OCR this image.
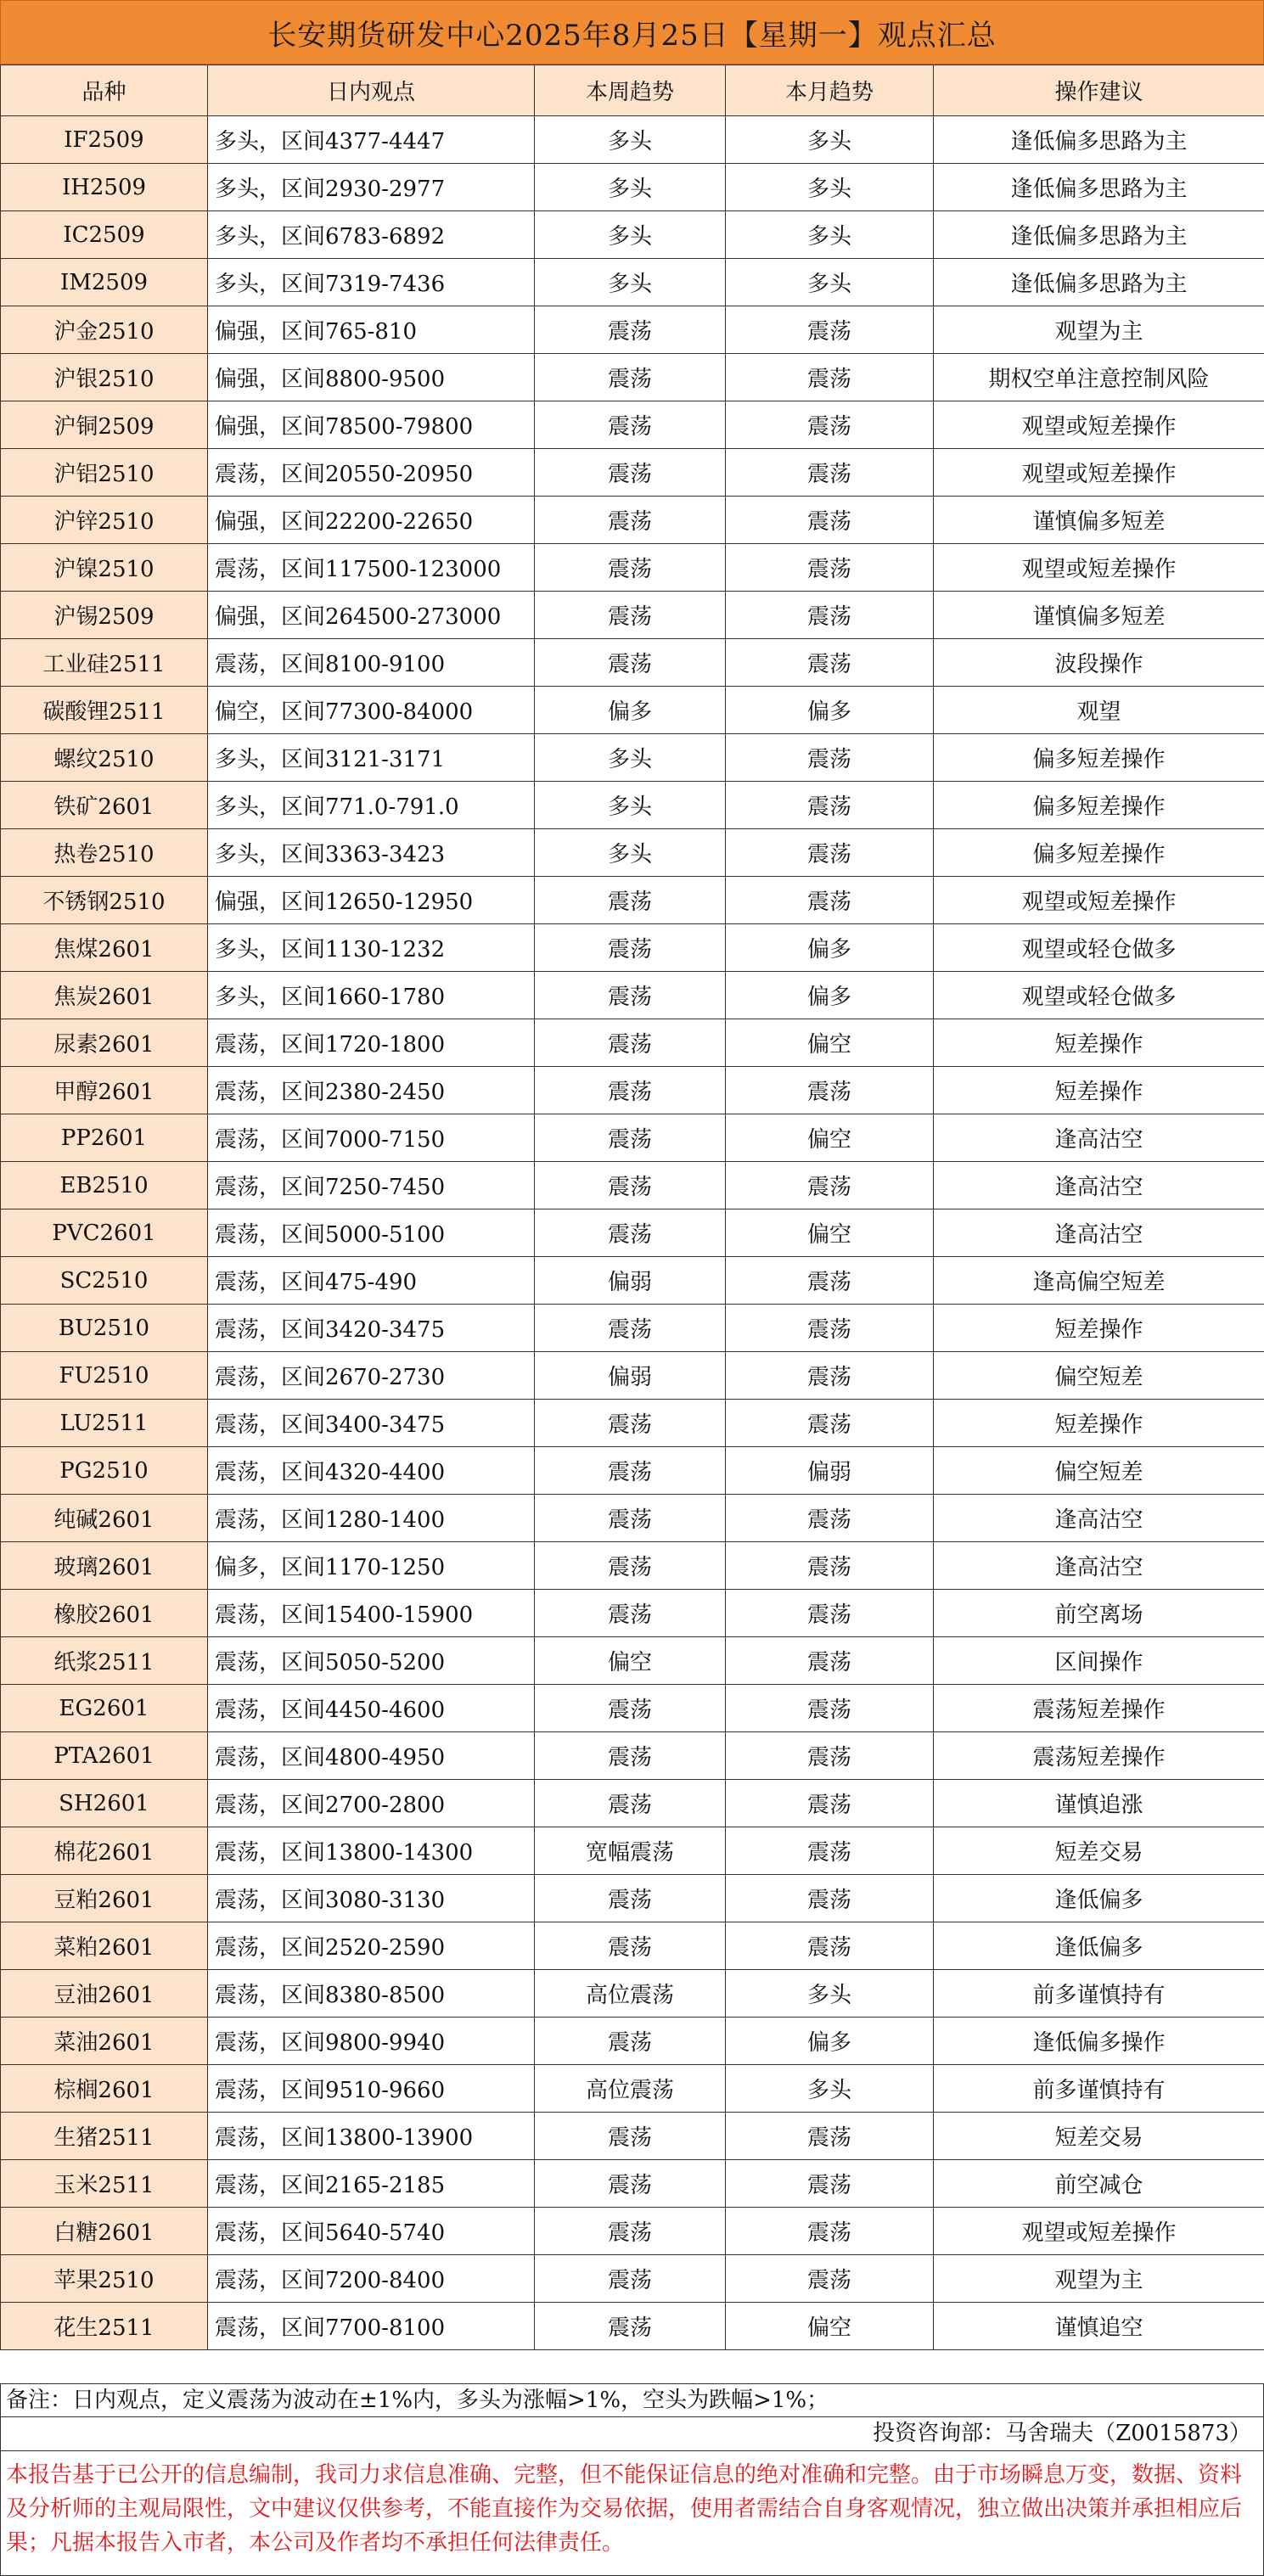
长安期货研发中心2025年8月25日【星期一】观点汇总
品种	日内观点	本周趋势	本月趋势	操作建议
IF2509	多头，区间4377-4447	多头	多头	逢低偏多思路为主
IH2509	多头，区间2930-2977	多头	多头	逢低偏多思路为主
IC2509	多头，区间6783-6892	多头	多头	逢低偏多思路为主
IM2509	多头，区间7319-7436	多头	多头	逢低偏多思路为主
沪金2510	偏强，区间765-810	震荡	震荡	观望为主
沪银2510	偏强，区间8800-9500	震荡	震荡	期权空单注意控制风险
沪铜2509	偏强，区间78500-79800	震荡	震荡	观望或短差操作
沪铝2510	震荡，区间20550-20950	震荡	震荡	观望或短差操作
沪锌2510	偏强，区间22200-22650	震荡	震荡	谨慎偏多短差
沪镍2510	震荡，区间117500-123000	震荡	震荡	观望或短差操作
沪锡2509	偏强，区间264500-273000	震荡	震荡	谨慎偏多短差
工业硅2511	震荡，区间8100-9100	震荡	震荡	波段操作
碳酸锂2511	偏空，区间77300-84000	偏多	偏多	观望
螺纹2510	多头，区间3121-3171	多头	震荡	偏多短差操作
铁矿2601	多头，区间771.0-791.0	多头	震荡	偏多短差操作
热卷2510	多头，区间3363-3423	多头	震荡	偏多短差操作
不锈钢2510	偏强，区间12650-12950	震荡	震荡	观望或短差操作
焦煤2601	多头，区间1130-1232	震荡	偏多	观望或轻仓做多
焦炭2601	多头，区间1660-1780	震荡	偏多	观望或轻仓做多
尿素2601	震荡，区间1720-1800	震荡	偏空	短差操作
甲醇2601	震荡，区间2380-2450	震荡	震荡	短差操作
PP2601	震荡，区间7000-7150	震荡	偏空	逢高沽空
EB2510	震荡，区间7250-7450	震荡	震荡	逢高沽空
PVC2601	震荡，区间5000-5100	震荡	偏空	逢高沽空
SC2510	震荡，区间475-490	偏弱	震荡	逢高偏空短差
BU2510	震荡，区间3420-3475	震荡	震荡	短差操作
FU2510	震荡，区间2670-2730	偏弱	震荡	偏空短差
LU2511	震荡，区间3400-3475	震荡	震荡	短差操作
PG2510	震荡，区间4320-4400	震荡	偏弱	偏空短差
纯碱2601	震荡，区间1280-1400	震荡	震荡	逢高沽空
玻璃2601	偏多，区间1170-1250	震荡	震荡	逢高沽空
橡胶2601	震荡，区间15400-15900	震荡	震荡	前空离场
纸浆2511	震荡，区间5050-5200	偏空	震荡	区间操作
EG2601	震荡，区间4450-4600	震荡	震荡	震荡短差操作
PTA2601	震荡，区间4800-4950	震荡	震荡	震荡短差操作
SH2601	震荡，区间2700-2800	震荡	震荡	谨慎追涨
棉花2601	震荡，区间13800-14300	宽幅震荡	震荡	短差交易
豆粕2601	震荡，区间3080-3130	震荡	震荡	逢低偏多
菜粕2601	震荡，区间2520-2590	震荡	震荡	逢低偏多
豆油2601	震荡，区间8380-8500	高位震荡	多头	前多谨慎持有
菜油2601	震荡，区间9800-9940	震荡	偏多	逢低偏多操作
棕榈2601	震荡，区间9510-9660	高位震荡	多头	前多谨慎持有
生猪2511	震荡，区间13800-13900	震荡	震荡	短差交易
玉米2511	震荡，区间2165-2185	震荡	震荡	前空减仓
白糖2601	震荡，区间5640-5740	震荡	震荡	观望或短差操作
苹果2510	震荡，区间7200-8400	震荡	震荡	观望为主
花生2511	震荡，区间7700-8100	震荡	偏空	谨慎追空
备注：日内观点，定义震荡为波动在±1%内，多头为涨幅>1%，空头为跌幅>1%；
投资咨询部：马舍瑞夫（Z0015873）
本报告基于已公开的信息编制，我司力求信息准确、完整，但不能保证信息的绝对准确和完整。由于市场瞬息万变，数据、资料及分析师的主观局限性，文中建议仅供参考，不能直接作为交易依据，使用者需结合自身客观情况，独立做出决策并承担相应后果；凡据本报告入市者，本公司及作者均不承担任何法律责任。
